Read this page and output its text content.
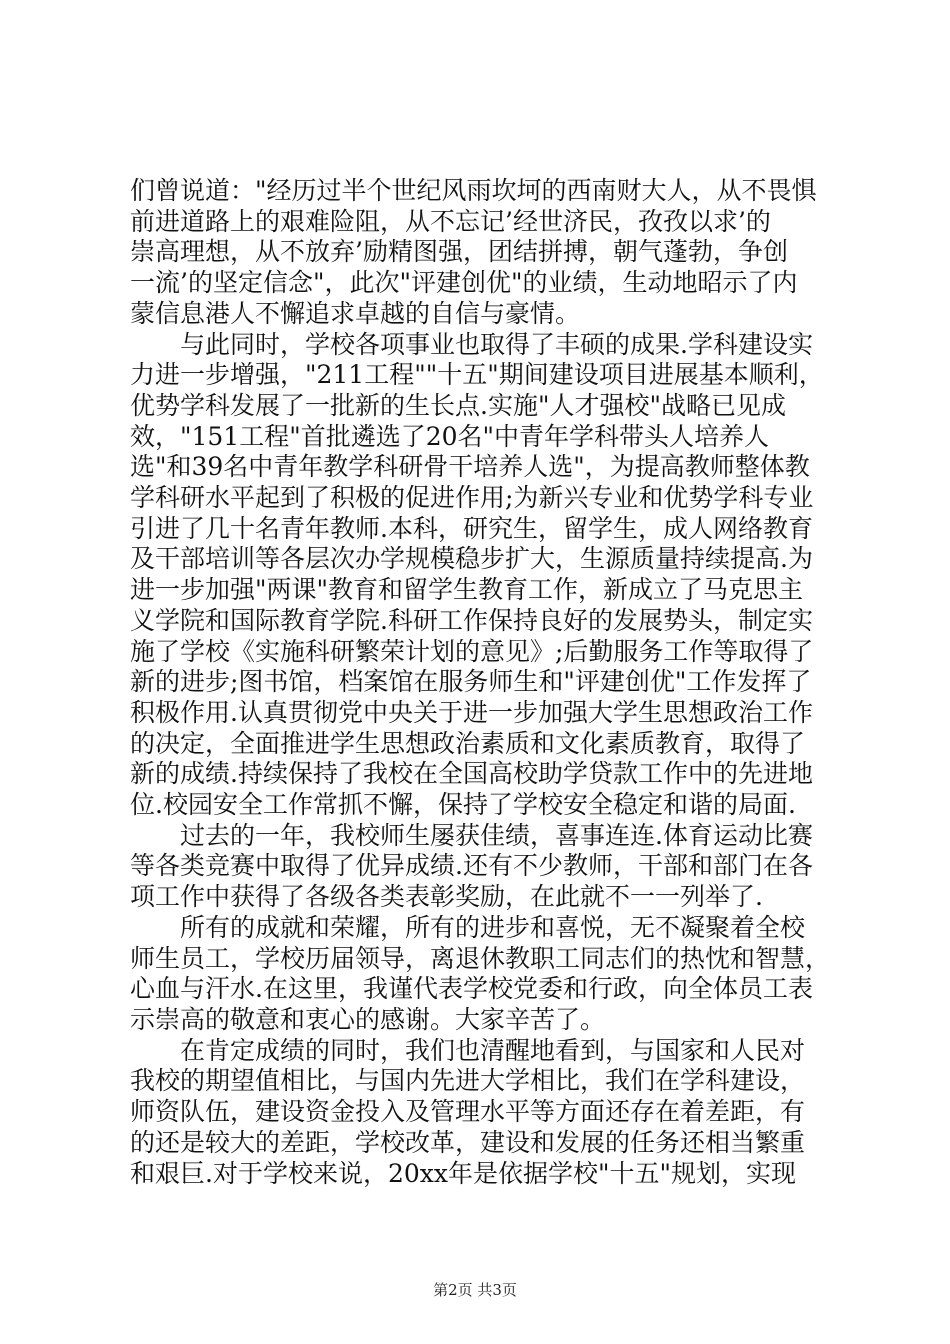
们曾说道："经历过半个世纪风雨坎坷的西南财大人，从不畏惧
前进道路上的艰难险阻，从不忘记’经世济民，孜孜以求’的
崇高理想，从不放弃’励精图强，团结拼搏，朝气蓬勃，争创
一流’的坚定信念"，此次"评建创优"的业绩，生动地昭示了内
蒙信息港人不懈追求卓越的自信与豪情。

与此同时，学校各项事业也取得了丰硕的成果.学科建设实
力进一步增强，"211工程""十五"期间建设项目进展基本顺利，
优势学科发展了一批新的生长点.实施"人才强校"战略已见成
效，"151工程"首批遴选了20名"中青年学科带头人培养人
选"和39名中青年教学科研骨干培养人选"，为提高教师整体教
学科研水平起到了积极的促进作用;为新兴专业和优势学科专业
引进了几十名青年教师.本科，研究生，留学生，成人网络教育
及干部培训等各层次办学规模稳步扩大，生源质量持续提高.为
进一步加强"两课"教育和留学生教育工作，新成立了马克思主
义学院和国际教育学院.科研工作保持良好的发展势头，制定实
施了学校《实施科研繁荣计划的意见》;后勤服务工作等取得了
新的进步;图书馆，档案馆在服务师生和"评建创优"工作发挥了
积极作用.认真贯彻党中央关于进一步加强大学生思想政治工作
的决定，全面推进学生思想政治素质和文化素质教育，取得了
新的成绩.持续保持了我校在全国高校助学贷款工作中的先进地
位.校园安全工作常抓不懈，保持了学校安全稳定和谐的局面.

过去的一年，我校师生屡获佳绩，喜事连连.体育运动比赛
等各类竞赛中取得了优异成绩.还有不少教师，干部和部门在各
项工作中获得了各级各类表彰奖励，在此就不一一列举了.

所有的成就和荣耀，所有的进步和喜悦，无不凝聚着全校
师生员工，学校历届领导，离退休教职工同志们的热忱和智慧，
心血与汗水.在这里，我谨代表学校党委和行政，向全体员工表
示崇高的敬意和衷心的感谢。大家辛苦了。

在肯定成绩的同时，我们也清醒地看到，与国家和人民对
我校的期望值相比，与国内先进大学相比，我们在学科建设，
师资队伍，建设资金投入及管理水平等方面还存在着差距，有
的还是较大的差距，学校改革，建设和发展的任务还相当繁重
和艰巨.对于学校来说，20xx年是依据学校"十五"规划，实现

第2页 共3页
